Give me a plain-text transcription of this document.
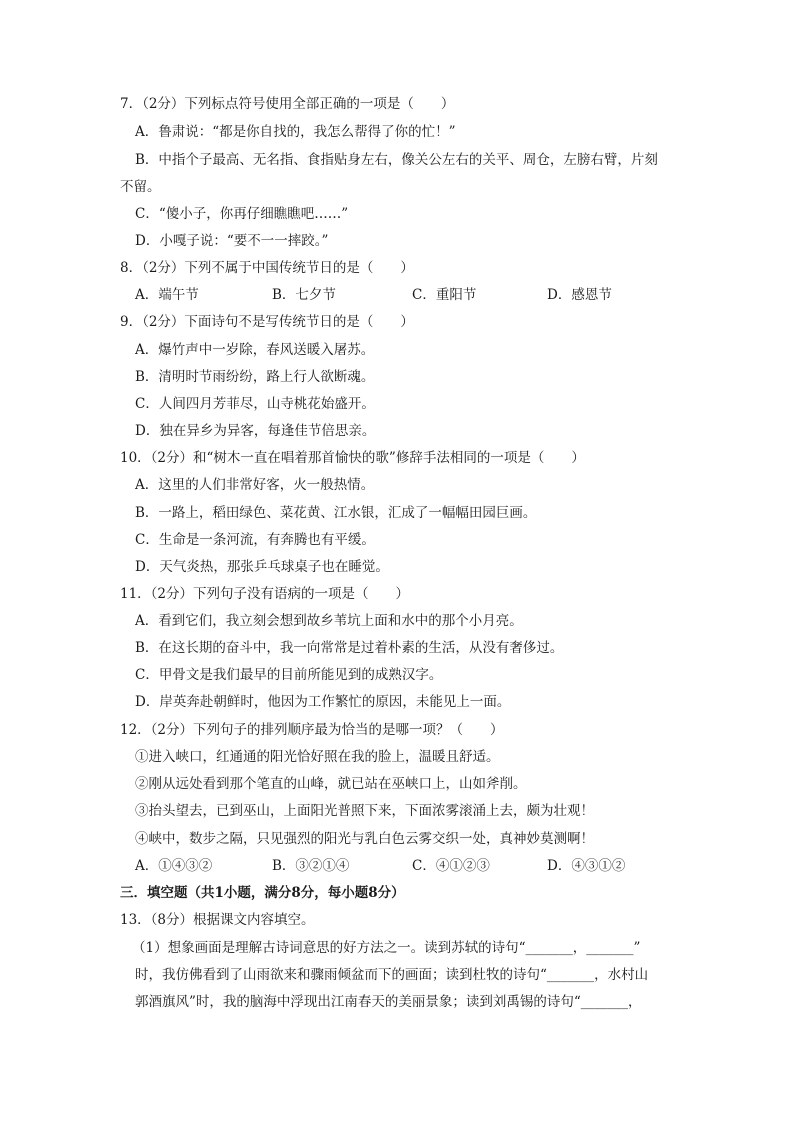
7．（2分）下列标点符号使用全部正确的一项是（　　）
A．鲁肃说：“都是你自找的，我怎么帮得了你的忙！”
B．中指个子最高、无名指、食指贴身左右，像关公左右的关平、周仓，左膀右臂，片刻
不留。
C．“傻小子，你再仔细瞧瞧吧……”
D．小嘎子说：“要不一一摔跤。”
8．（2分）下列不属于中国传统节日的是（　　）
A．端午节	B．七夕节	C．重阳节	D．感恩节
9．（2分）下面诗句不是写传统节日的是（　　）
A．爆竹声中一岁除，春风送暖入屠苏。
B．清明时节雨纷纷，路上行人欲断魂。
C．人间四月芳菲尽，山寺桃花始盛开。
D．独在异乡为异客，每逢佳节倍思亲。
10．（2分）和“树木一直在唱着那首愉快的歌”修辞手法相同的一项是（　　）
A．这里的人们非常好客，火一般热情。
B．一路上，稻田绿色、菜花黄、江水银，汇成了一幅幅田园巨画。
C．生命是一条河流，有奔腾也有平缓。
D．天气炎热，那张乒乓球桌子也在睡觉。
11．（2分）下列句子没有语病的一项是（　　）
A．看到它们，我立刻会想到故乡苇坑上面和水中的那个小月亮。
B．在这长期的奋斗中，我一向常常是过着朴素的生活，从没有奢侈过。
C．甲骨文是我们最早的目前所能见到的成熟汉字。
D．岸英奔赴朝鲜时，他因为工作繁忙的原因，未能见上一面。
12．（2分）下列句子的排列顺序最为恰当的是哪一项？（　　）
①进入峡口，红通通的阳光恰好照在我的脸上，温暖且舒适。
②刚从远处看到那个笔直的山峰，就已站在巫峡口上，山如斧削。
③抬头望去，已到巫山，上面阳光普照下来，下面浓雾滚涌上去，颇为壮观！
④峡中，数步之隔，只见强烈的阳光与乳白色云雾交织一处，真神妙莫测啊！
A．①④③②	B．③②①④	C．④①②③	D．④③①②
三．填空题（共1小题，满分8分，每小题8分）
13．（8分）根据课文内容填空。
（1）想象画面是理解古诗词意思的好方法之一。读到苏轼的诗句“_______，_______”
时，我仿佛看到了山雨欲来和骤雨倾盆而下的画面；读到杜牧的诗句“_______，水村山
郭酒旗风”时，我的脑海中浮现出江南春天的美丽景象；读到刘禹锡的诗句“_______，
